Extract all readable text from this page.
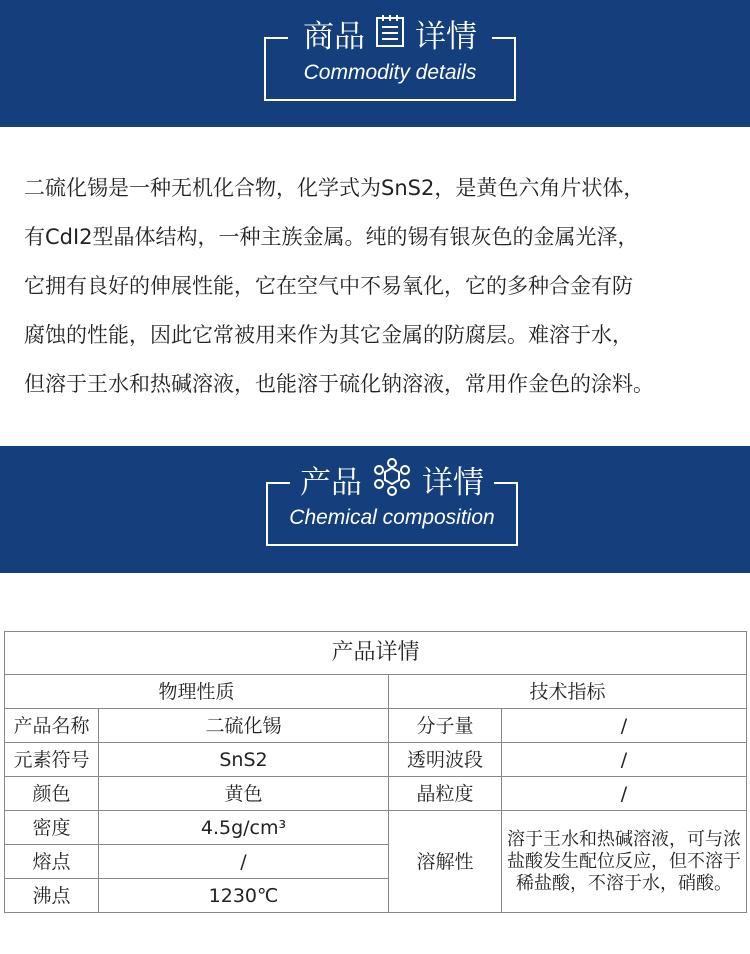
商品 详情
Commodity details

二硫化锡是一种无机化合物，化学式为SnS2，是黄色六角片状体，

有CdI2型晶体结构，一种主族金属。纯的锡有银灰色的金属光泽，

它拥有良好的伸展性能，它在空气中不易氧化，它的多种合金有防

腐蚀的性能，因此它常被用来作为其它金属的防腐层。难溶于水，

但溶于王水和热碱溶液，也能溶于硫化钠溶液，常用作金色的涂料。

产品 详情
Chemical composition
产品详情			
物理性质		技术指标	
产品名称	二硫化锡	分子量	/
元素符号	SnS2	透明波段	/
颜色	黄色	晶粒度	/
密度	4.5g/cm³	溶解性	溶于王水和热碱溶液，可与浓盐酸发生配位反应，但不溶于稀盐酸，不溶于水，硝酸。
熔点	/		
沸点	1230℃		
